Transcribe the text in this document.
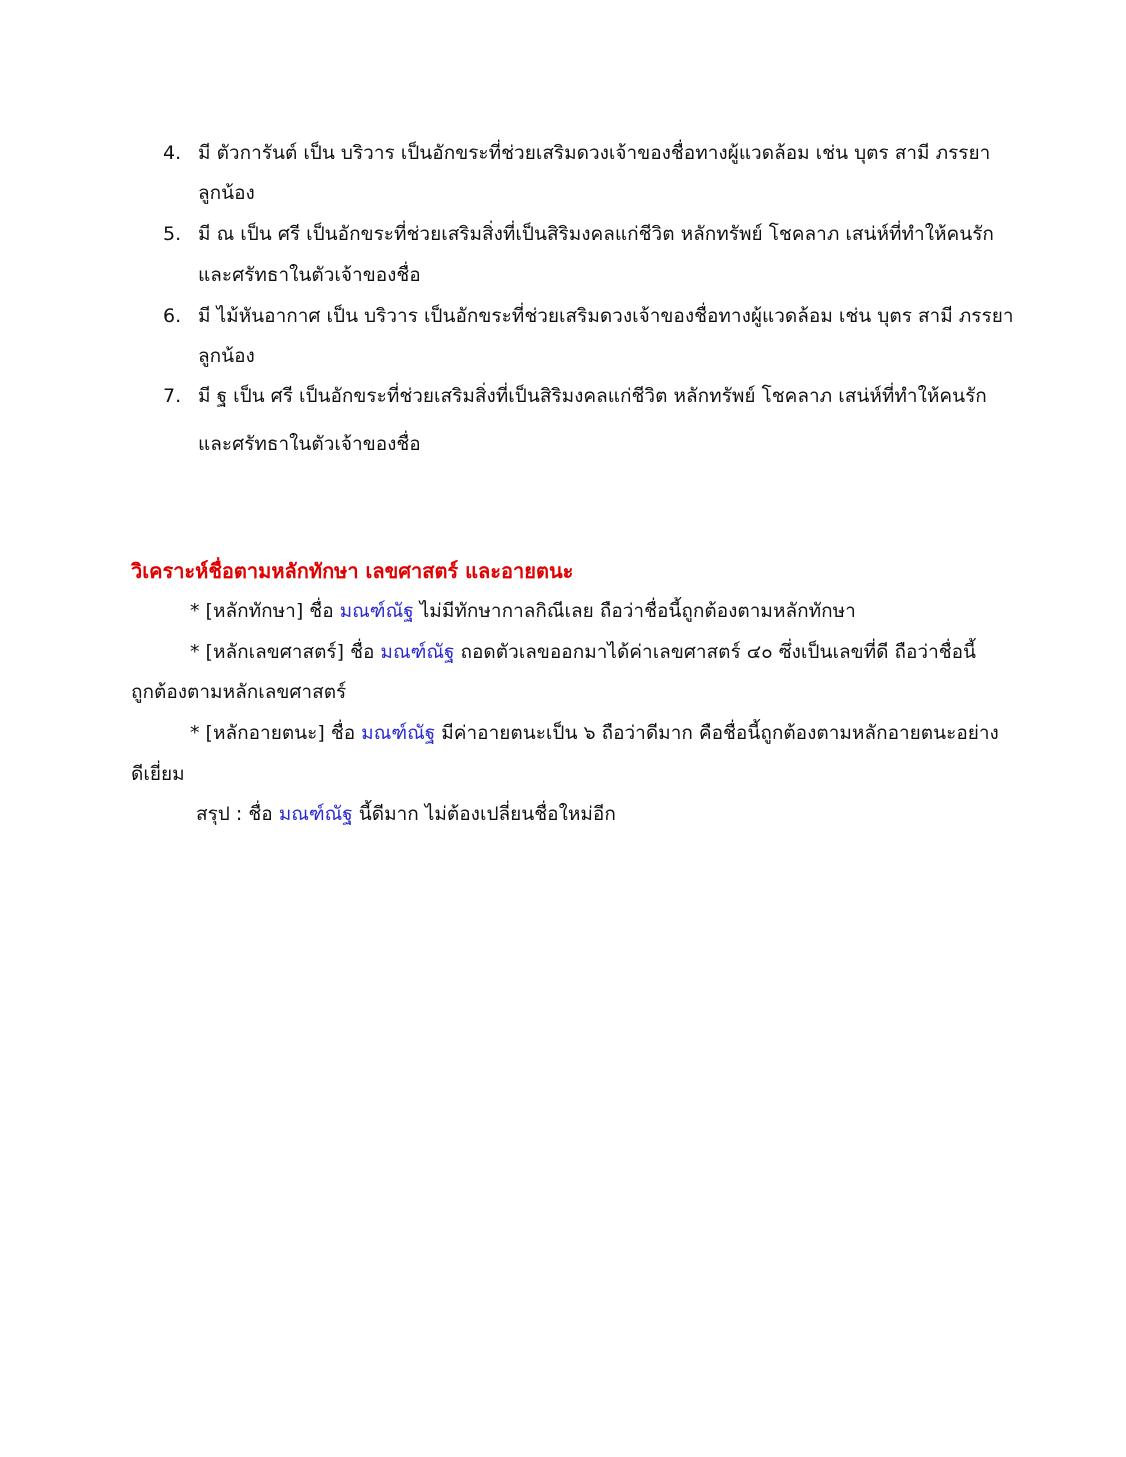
4. มี ตัวการันต์ เป็น บริวาร เป็นอักขระที่ช่วยเสริมดวงเจ้าของชื่อทางผู้แวดล้อม เช่น บุตร สามี ภรรยา
ลูกน้อง
5. มี ณ เป็น ศรี เป็นอักขระที่ช่วยเสริมสิ่งที่เป็นสิริมงคลแก่ชีวิต หลักทรัพย์ โชคลาภ เสน่ห์ที่ทำให้คนรัก
และศรัทธาในตัวเจ้าของชื่อ
6. มี ไม้หันอากาศ เป็น บริวาร เป็นอักขระที่ช่วยเสริมดวงเจ้าของชื่อทางผู้แวดล้อม เช่น บุตร สามี ภรรยา
ลูกน้อง
7. มี ฐ เป็น ศรี เป็นอักขระที่ช่วยเสริมสิ่งที่เป็นสิริมงคลแก่ชีวิต หลักทรัพย์ โชคลาภ เสน่ห์ที่ทำให้คนรัก
และศรัทธาในตัวเจ้าของชื่อ
วิเคราะห์ชื่อตามหลักทักษา เลขศาสตร์ และอายตนะ
* [หลักทักษา] ชื่อ มณฑ์ณัฐ ไม่มีทักษากาลกิณีเลย ถือว่าชื่อนี้ถูกต้องตามหลักทักษา
* [หลักเลขศาสตร์] ชื่อ มณฑ์ณัฐ ถอดตัวเลขออกมาได้ค่าเลขศาสตร์ ๔๐ ซึ่งเป็นเลขที่ดี ถือว่าชื่อนี้
ถูกต้องตามหลักเลขศาสตร์
* [หลักอายตนะ] ชื่อ มณฑ์ณัฐ มีค่าอายตนะเป็น ๖ ถือว่าดีมาก คือชื่อนี้ถูกต้องตามหลักอายตนะอย่าง
ดีเยี่ยม
สรุป : ชื่อ มณฑ์ณัฐ นี้ดีมาก ไม่ต้องเปลี่ยนชื่อใหม่อีก
